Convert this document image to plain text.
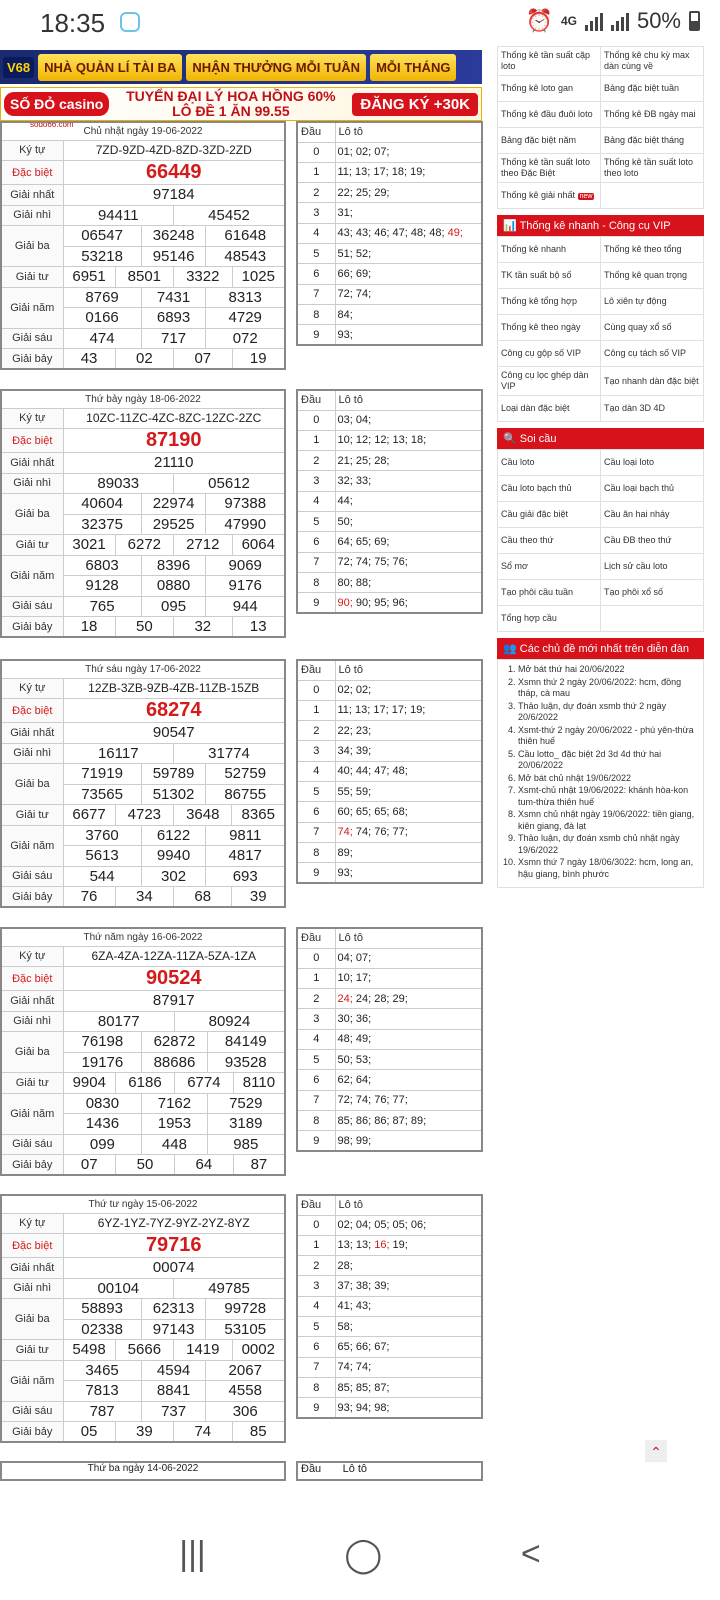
18:35	⏰ 4G	50%
V68	NHÀ QUẢN LÍ TÀI BA	NHẬN THƯỞNG MỖI TUẦN	MỖI THÁNG
SỐ ĐỎ casino	TUYỂN ĐẠI LÝ HOA HỒNG 60%
LÔ ĐỀ 1 ĂN 99.55	ĐĂNG KÝ +30K
sodo66.com
Chủ nhật ngày 19-06-2022						
Ký tự	7ZD-9ZD-4ZD-8ZD-3ZD-2ZD					
Đặc biệt	66449					
Giải nhất	97184					
Giải nhì	94411			45452		
Giải ba	06547		36248		61648	
	53218		95146		48543	
Giải tư	6951	8501		3322		1025
Giải năm	8769		7431		8313	
	0166		6893		4729	
Giải sáu	474		717		072	
Giải bảy	43	02		07		19
Đầu	Lô tô
0	01; 02; 07;
1	11; 13; 17; 18; 19;
2	22; 25; 29;
3	31;
4	43; 43; 46; 47; 48; 48; 49;
5	51; 52;
6	66; 69;
7	72; 74;
8	84;
9	93;
Thứ bảy ngày 18-06-2022						
Ký tự	10ZC-11ZC-4ZC-8ZC-12ZC-2ZC					
Đặc biệt	87190					
Giải nhất	21110					
Giải nhì	89033			05612		
Giải ba	40604		22974		97388	
	32375		29525		47990	
Giải tư	3021	6272		2712		6064
Giải năm	6803		8396		9069	
	9128		0880		9176	
Giải sáu	765		095		944	
Giải bảy	18	50		32		13
Đầu	Lô tô
0	03; 04;
1	10; 12; 12; 13; 18;
2	21; 25; 28;
3	32; 33;
4	44;
5	50;
6	64; 65; 69;
7	72; 74; 75; 76;
8	80; 88;
9	90; 90; 95; 96;
Thứ sáu ngày 17-06-2022						
Ký tự	12ZB-3ZB-9ZB-4ZB-11ZB-15ZB					
Đặc biệt	68274					
Giải nhất	90547					
Giải nhì	16117			31774		
Giải ba	71919		59789		52759	
	73565		51302		86755	
Giải tư	6677	4723		3648		8365
Giải năm	3760		6122		9811	
	5613		9940		4817	
Giải sáu	544		302		693	
Giải bảy	76	34		68		39
Đầu	Lô tô
0	02; 02;
1	11; 13; 17; 17; 19;
2	22; 23;
3	34; 39;
4	40; 44; 47; 48;
5	55; 59;
6	60; 65; 65; 68;
7	74; 74; 76; 77;
8	89;
9	93;
Thứ năm ngày 16-06-2022						
Ký tự	6ZA-4ZA-12ZA-11ZA-5ZA-1ZA					
Đặc biệt	90524					
Giải nhất	87917					
Giải nhì	80177			80924		
Giải ba	76198		62872		84149	
	19176		88686		93528	
Giải tư	9904	6186		6774		8110
Giải năm	0830		7162		7529	
	1436		1953		3189	
Giải sáu	099		448		985	
Giải bảy	07	50		64		87
Đầu	Lô tô
0	04; 07;
1	10; 17;
2	24; 24; 28; 29;
3	30; 36;
4	48; 49;
5	50; 53;
6	62; 64;
7	72; 74; 76; 77;
8	85; 86; 86; 87; 89;
9	98; 99;
Thứ tư ngày 15-06-2022						
Ký tự	6YZ-1YZ-7YZ-9YZ-2YZ-8YZ					
Đặc biệt	79716					
Giải nhất	00074					
Giải nhì	00104			49785		
Giải ba	58893		62313		99728	
	02338		97143		53105	
Giải tư	5498	5666		1419		0002
Giải năm	3465		4594		2067	
	7813		8841		4558	
Giải sáu	787		737		306	
Giải bảy	05	39		74		85
Đầu	Lô tô
0	02; 04; 05; 05; 06;
1	13; 13; 16; 19;
2	28;
3	37; 38; 39;
4	41; 43;
5	58;
6	65; 66; 67;
7	74; 74;
8	85; 85; 87;
9	93; 94; 98;
Thứ ba ngày 14-06-2022	Đầu       Lô tô
Thống kê tần suất cặp loto	Thống kê chu kỳ max dàn cùng về
Thống kê loto gan	Bảng đặc biệt tuần
Thống kê đầu đuôi loto	Thống kê ĐB ngày mai
Bảng đặc biệt năm	Bảng đặc biệt tháng
Thống kê tần suất loto theo Đặc Biệt	Thống kê tần suất loto theo loto
Thống kê giải nhất new	
📊 Thống kê nhanh - Công cụ VIP
Thống kê nhanh	Thống kê theo tổng
TK tần suất bộ số	Thống kê quan trọng
Thống kê tổng hợp	Lô xiên tự động
Thống kê theo ngày	Cùng quay xổ số
Công cụ gộp số VIP	Công cụ tách số VIP
Công cụ lọc ghép dàn VIP	Tạo nhanh dàn đặc biệt
Loại dàn đặc biệt	Tạo dàn 3D 4D
🔍 Soi cầu
Cầu loto	Cầu loại loto
Cầu loto bạch thủ	Cầu loại bạch thủ
Cầu giải đặc biệt	Cầu ăn hai nháy
Cầu theo thứ	Cầu ĐB theo thứ
Sổ mơ	Lịch sử cầu loto
Tạo phôi cầu tuần	Tạo phôi xổ số
Tổng hợp cầu	
👥 Các chủ đề mới nhất trên diễn đàn
1. Mở bát thứ hai 20/06/2022
2. Xsmn thứ 2 ngày 20/06/2022: hcm, đồng tháp, cà mau
3. Thảo luận, dự đoán xsmb thứ 2 ngày 20/6/2022
4. Xsmt-thứ 2 ngày 20/06/2022 - phú yên-thừa thiên huế
5. Cầu lotto_ đặc biệt 2d 3d 4d thứ hai 20/06/2022
6. Mở bát chủ nhật 19/06/2022
7. Xsmt-chủ nhật 19/06/2022: khánh hòa-kon tum-thừa thiên huế
8. Xsmn chủ nhật ngày 19/06/2022: tiền giang, kiên giang, đà lạt
9. Thảo luận, dự đoán xsmb chủ nhật ngày 19/6/2022
10. Xsmn thứ 7 ngày 18/06/3022: hcm, long an, hậu giang, bình phước
⌃
|||	◯	<
